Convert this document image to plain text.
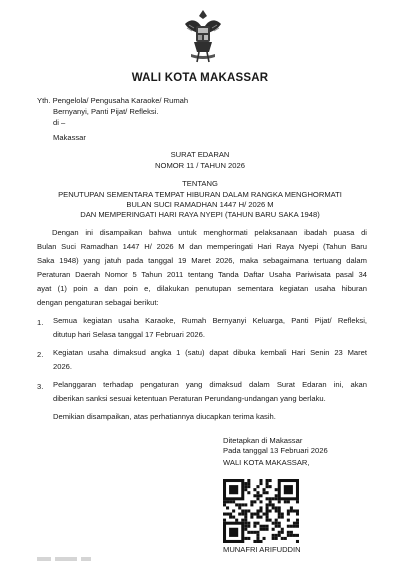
WALI KOTA MAKASSAR
Yth. Pengelola/ Pengusaha Karaoke/ Rumah
Bernyanyi, Panti Pijat/ Refleksi.
di –
Makassar
SURAT EDARAN
NOMOR 11 / TAHUN 2026
TENTANG
PENUTUPAN SEMENTARA TEMPAT HIBURAN DALAM RANGKA MENGHORMATI
BULAN SUCI RAMADHAN 1447 H/ 2026 M
DAN MEMPERINGATI HARI RAYA NYEPI (TAHUN BARU SAKA 1948)
Dengan ini disampaikan bahwa untuk menghormati pelaksanaan ibadah puasa di
Bulan Suci Ramadhan 1447 H/ 2026 M dan memperingati Hari Raya Nyepi (Tahun Baru
Saka 1948) yang jatuh pada tanggal 19 Maret 2026, maka sebagaimana tertuang dalam
Peraturan Daerah Nomor 5 Tahun 2011 tentang Tanda Daftar Usaha Pariwisata pasal 34
ayat (1) poin a dan poin e, dilakukan penutupan sementara kegiatan usaha hiburan
dengan pengaturan sebagai berikut:
1. Semua kegiatan usaha Karaoke, Rumah Bernyanyi Keluarga, Panti Pijat/ Refleksi,
ditutup hari Selasa tanggal 17 Februari 2026.
2. Kegiatan usaha dimaksud angka 1 (satu) dapat dibuka kembali Hari Senin 23 Maret
2026.
3. Pelanggaran terhadap pengaturan yang dimaksud dalam Surat Edaran ini, akan
diberikan sanksi sesuai ketentuan Peraturan Perundang-undangan yang berlaku.
Demikian disampaikan, atas perhatiannya diucapkan terima kasih.
Ditetapkan di Makassar
Pada tanggal 13 Februari 2026
WALI KOTA MAKASSAR,
MUNAFRI ARIFUDDIN
